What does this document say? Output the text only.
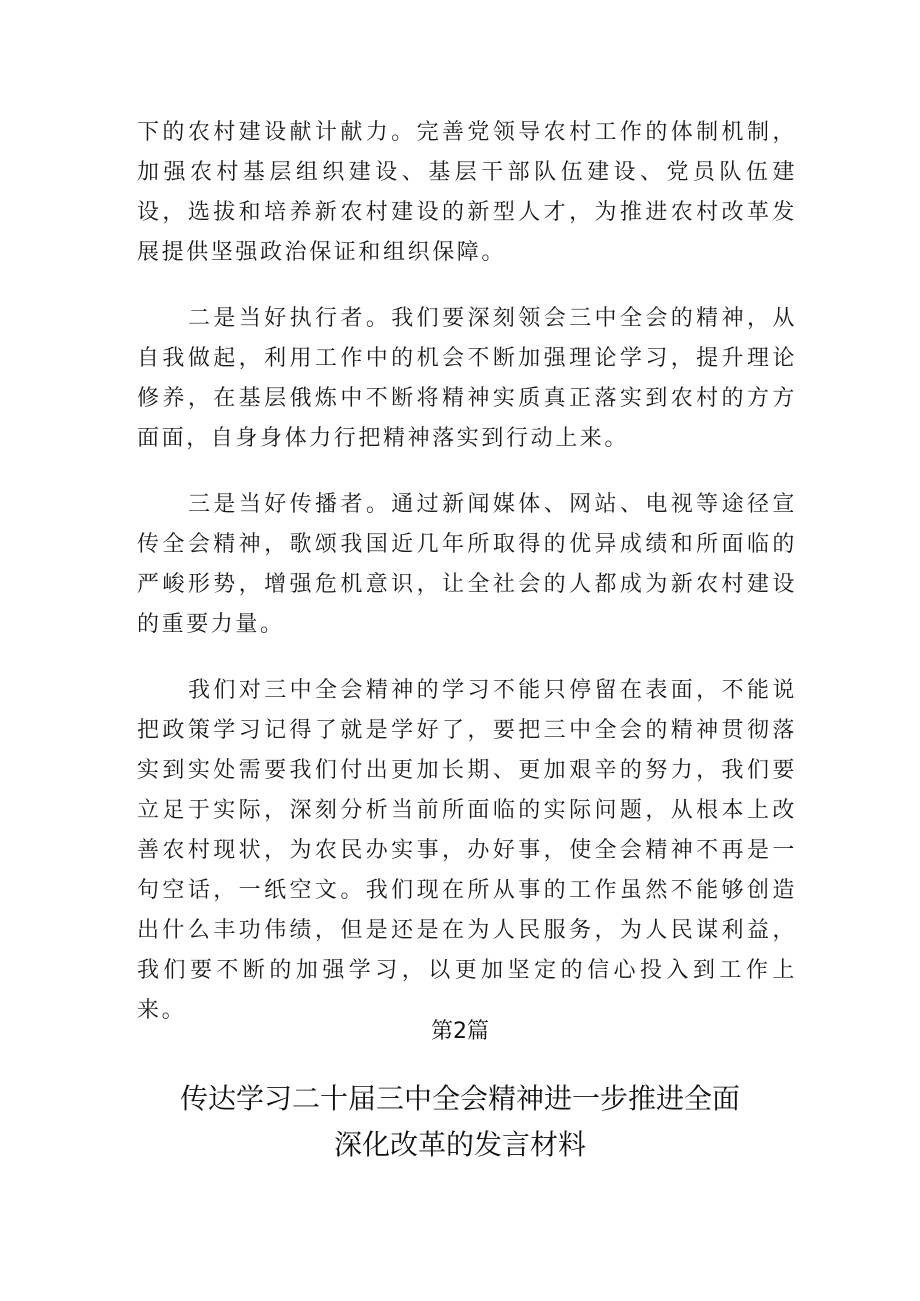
下的农村建设献计献力。完善党领导农村工作的体制机制，加强农村基层组织建设、基层干部队伍建设、党员队伍建设，选拔和培养新农村建设的新型人才，为推进农村改革发展提供坚强政治保证和组织保障。

二是当好执行者。我们要深刻领会三中全会的精神，从自我做起，利用工作中的机会不断加强理论学习，提升理论修养，在基层俄炼中不断将精神实质真正落实到农村的方方面面，自身身体力行把精神落实到行动上来。

三是当好传播者。通过新闻媒体、网站、电视等途径宣传全会精神，歌颂我国近几年所取得的优异成绩和所面临的严峻形势，增强危机意识，让全社会的人都成为新农村建设的重要力量。

我们对三中全会精神的学习不能只停留在表面，不能说把政策学习记得了就是学好了，要把三中全会的精神贯彻落实到实处需要我们付出更加长期、更加艰辛的努力，我们要立足于实际，深刻分析当前所面临的实际问题，从根本上改善农村现状，为农民办实事，办好事，使全会精神不再是一句空话，一纸空文。我们现在所从事的工作虽然不能够创造出什么丰功伟绩，但是还是在为人民服务，为人民谋利益，我们要不断的加强学习，以更加坚定的信心投入到工作上来。

第2篇
传达学习二十届三中全会精神进一步推进全面
深化改革的发言材料
